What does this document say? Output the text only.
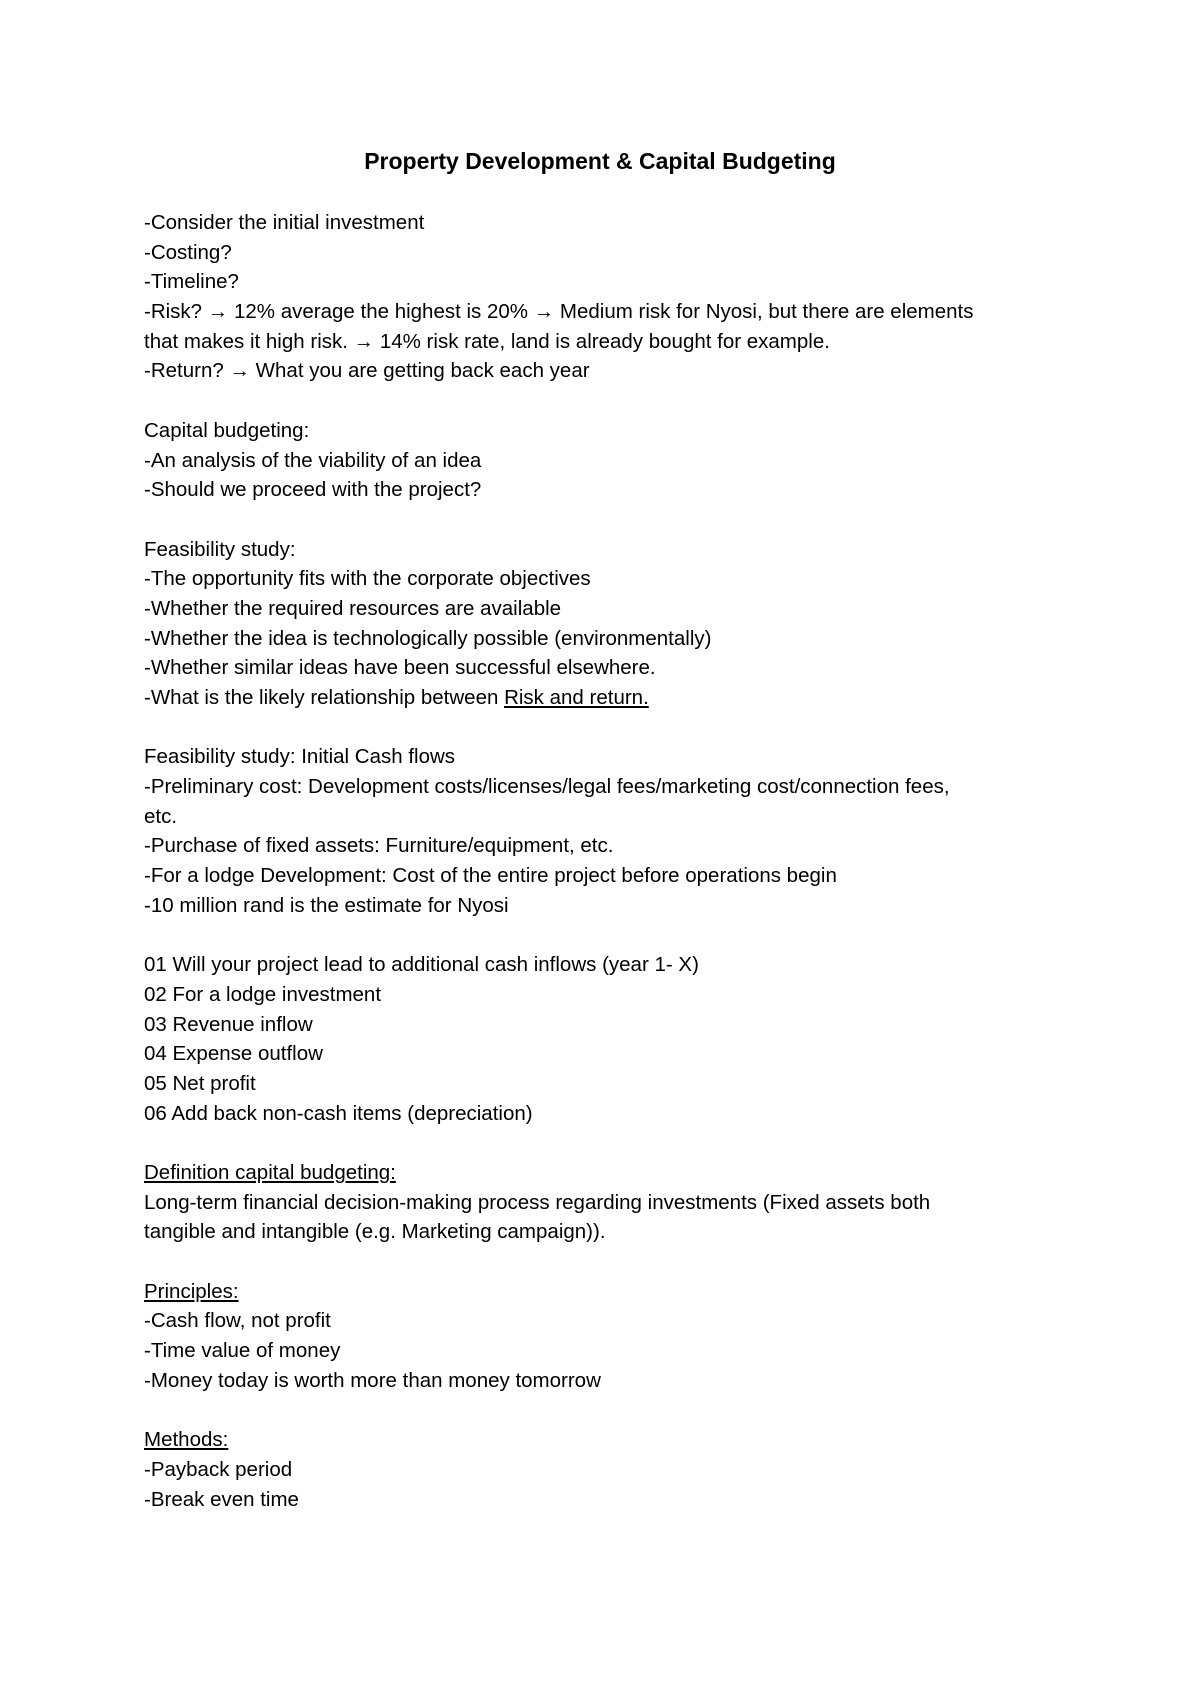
Property Development & Capital Budgeting
-Consider the initial investment
-Costing?
-Timeline?
-Risk? → 12% average the highest is 20% → Medium risk for Nyosi, but there are elements
that makes it high risk. → 14% risk rate, land is already bought for example.
-Return? → What you are getting back each year
Capital budgeting:
-An analysis of the viability of an idea
-Should we proceed with the project?
Feasibility study:
-The opportunity fits with the corporate objectives
-Whether the required resources are available
-Whether the idea is technologically possible (environmentally)
-Whether similar ideas have been successful elsewhere.
-What is the likely relationship between Risk and return.
Feasibility study: Initial Cash flows
-Preliminary cost: Development costs/licenses/legal fees/marketing cost/connection fees,
etc.
-Purchase of fixed assets: Furniture/equipment, etc.
-For a lodge Development: Cost of the entire project before operations begin
-10 million rand is the estimate for Nyosi
01 Will your project lead to additional cash inflows (year 1- X)
02 For a lodge investment
03 Revenue inflow
04 Expense outflow
05 Net profit
06 Add back non-cash items (depreciation)
Definition capital budgeting:
Long-term financial decision-making process regarding investments (Fixed assets both
tangible and intangible (e.g. Marketing campaign)).
Principles:
-Cash flow, not profit
-Time value of money
-Money today is worth more than money tomorrow
Methods:
-Payback period
-Break even time
